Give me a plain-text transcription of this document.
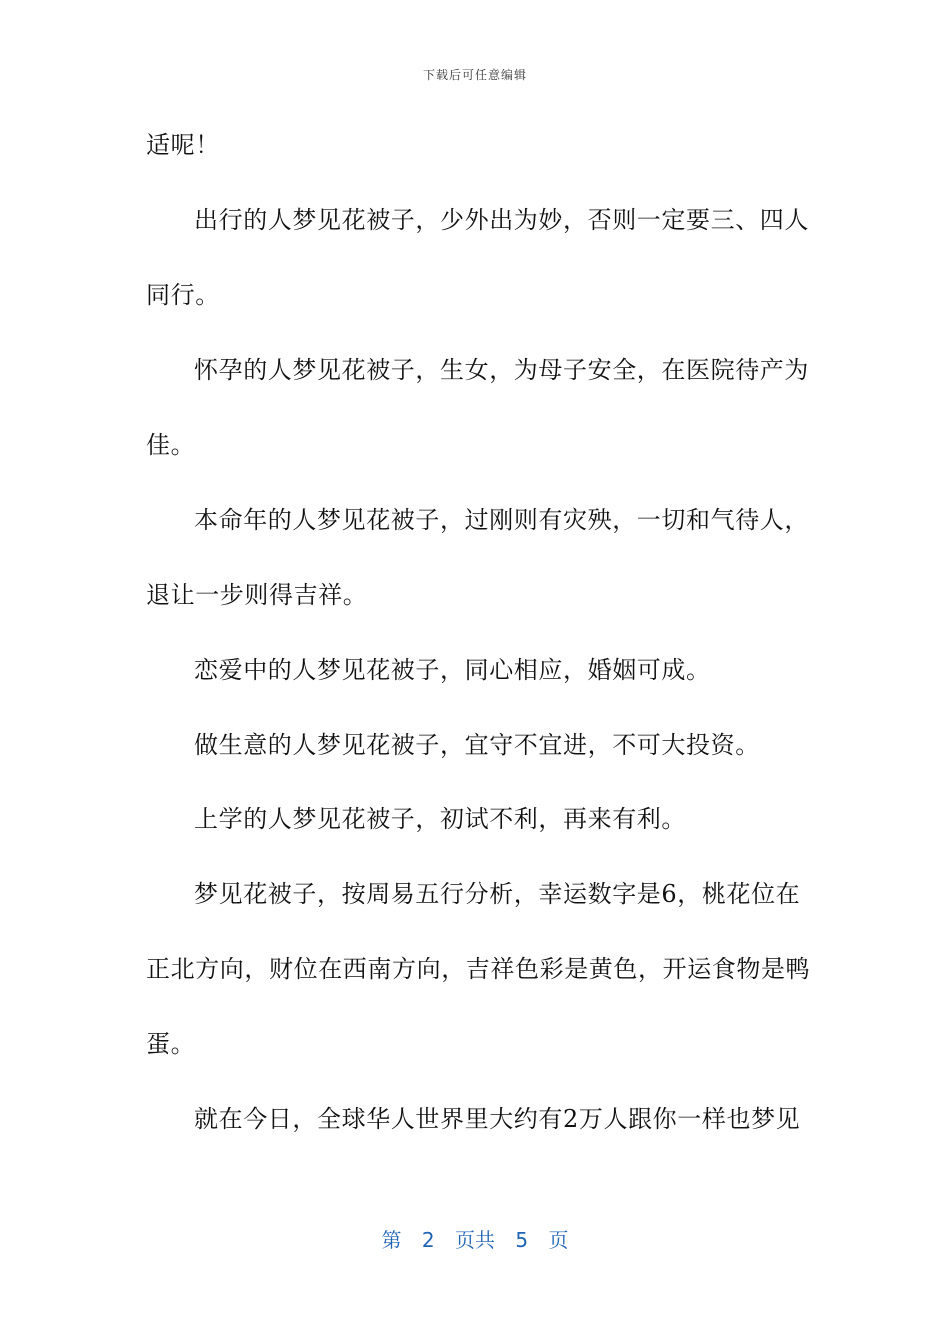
下载后可任意编辑
适呢！
出行的人梦见花被子，少外出为妙，否则一定要三、四人
同行。
怀孕的人梦见花被子，生女，为母子安全，在医院待产为
佳。
本命年的人梦见花被子，过刚则有灾殃，一切和气待人，
退让一步则得吉祥。
恋爱中的人梦见花被子，同心相应，婚姻可成。
做生意的人梦见花被子，宜守不宜进，不可大投资。
上学的人梦见花被子，初试不利，再来有利。
梦见花被子，按周易五行分析，幸运数字是6，桃花位在
正北方向，财位在西南方向，吉祥色彩是黄色，开运食物是鸭
蛋。
就在今日，全球华人世界里大约有2万人跟你一样也梦见
第 2 页共 5 页
